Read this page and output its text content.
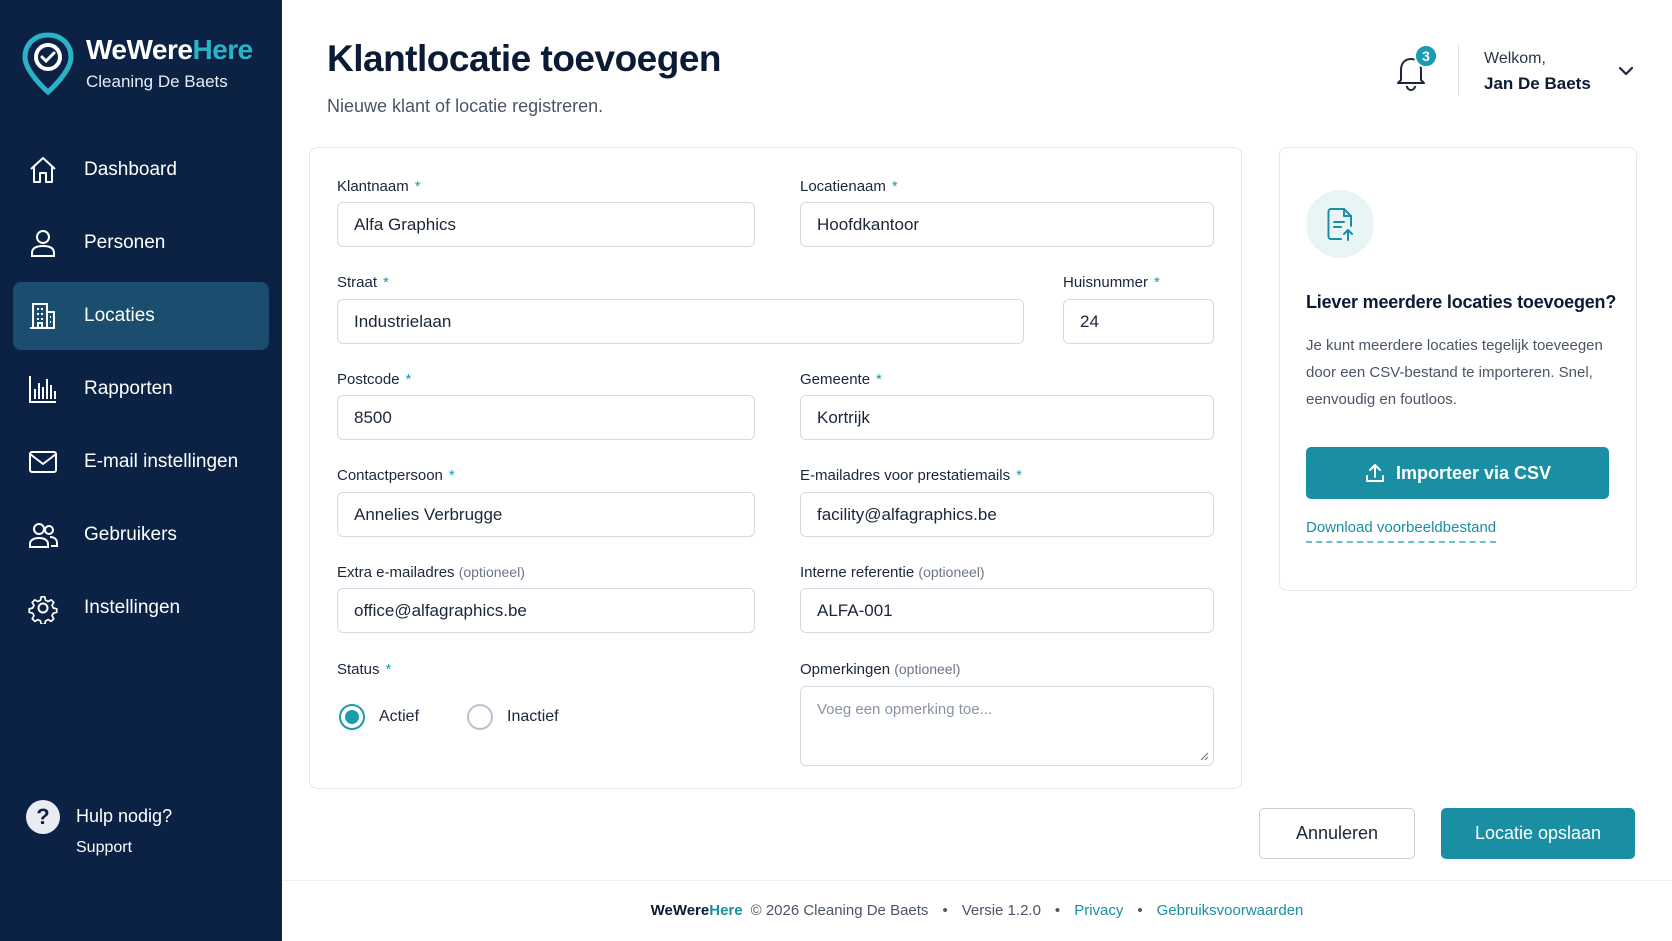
WeWereHere
Cleaning De Baets
Dashboard
Personen
Locaties
Rapporten
E-mail instellingen
Gebruikers
Instellingen
?	Hulp nodig?
Support
Klantlocatie toevoegen
Nieuwe klant of locatie registreren.
3	Welkom,
Jan De Baets
Klantnaam *
Alfa Graphics
Locatienaam *
Hoofdkantoor
Straat *
Industrielaan
Huisnummer *
24
Postcode *
8500
Gemeente *
Kortrijk
Contactpersoon *
Annelies Verbrugge
E-mailadres voor prestatiemails *
facility@alfagraphics.be
Extra e-mailadres (optioneel)
office@alfagraphics.be
Interne referentie (optioneel)
ALFA-001
Status *
Actief	Inactief
Opmerkingen (optioneel)
Voeg een opmerking toe...
Liever meerdere locaties toevoegen?
Je kunt meerdere locaties tegelijk toeveegen door een CSV-bestand te importeren. Snel, eenvoudig en foutloos.
Importeer via CSV
Download voorbeeldbestand
Annuleren	Locatie opslaan
WeWereHere © 2026 Cleaning De Baets • Versie 1.2.0 • Privacy • Gebruiksvoorwaarden
